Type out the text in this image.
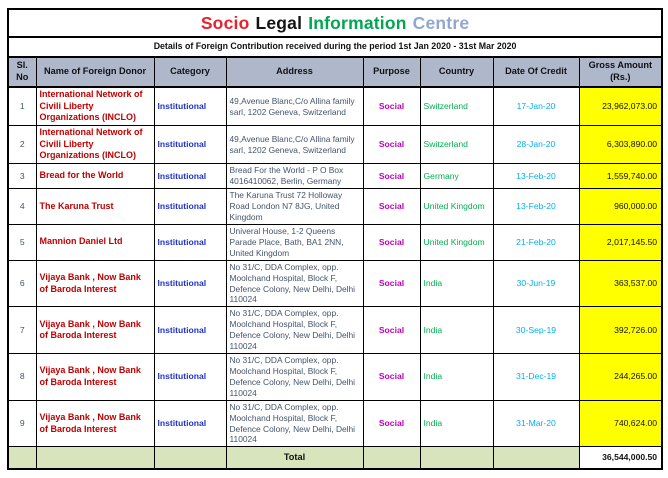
Socio Legal Information Centre							
Details of Foreign Contribution received during the period 1st Jan 2020 - 31st Mar 2020							
Sl. No	Name of Foreign Donor	Category	Address	Purpose	Country	Date Of Credit	Gross Amount (Rs.)
1	International Network of Civili Liberty Organizations (INCLO)	Institutional	49,Avenue Blanc,C/o Allina family sarl, 1202 Geneva, Switzerland	Social	Switzerland	17-Jan-20	23,962,073.00
2	International Network of Civili Liberty Organizations (INCLO)	Institutional	49,Avenue Blanc,C/o Allina family sarl, 1202 Geneva, Switzerland	Social	Switzerland	28-Jan-20	6,303,890.00
3	Bread for the World	Institutional	Bread For the World - P O Box 4016410062, Berlin, Germany	Social	Germany	13-Feb-20	1,559,740.00
4	The Karuna Trust	Institutional	The Karuna Trust 72 Holloway Road London N7 8JG, United Kingdom	Social	United Kingdom	13-Feb-20	960,000.00
5	Mannion Daniel Ltd	Institutional	Univeral House, 1-2 Queens Parade Place, Bath, BA1 2NN, United Kingdom	Social	United Kingdom	21-Feb-20	2,017,145.50
6	Vijaya Bank , Now Bank of Baroda Interest	Institutional	No 31/C, DDA Complex, opp. Moolchand Hospital, Block F, Defence Colony, New Delhi, Delhi 110024	Social	India	30-Jun-19	363,537.00
7	Vijaya Bank , Now Bank of Baroda Interest	Institutional	No 31/C, DDA Complex, opp. Moolchand Hospital, Block F, Defence Colony, New Delhi, Delhi 110024	Social	India	30-Sep-19	392,726.00
8	Vijaya Bank , Now Bank of Baroda Interest	Institutional	No 31/C, DDA Complex, opp. Moolchand Hospital, Block F, Defence Colony, New Delhi, Delhi 110024	Social	India	31-Dec-19	244,265.00
9	Vijaya Bank , Now Bank of Baroda Interest	Institutional	No 31/C, DDA Complex, opp. Moolchand Hospital, Block F, Defence Colony, New Delhi, Delhi 110024	Social	India	31-Mar-20	740,624.00
			Total				36,544,000.50
